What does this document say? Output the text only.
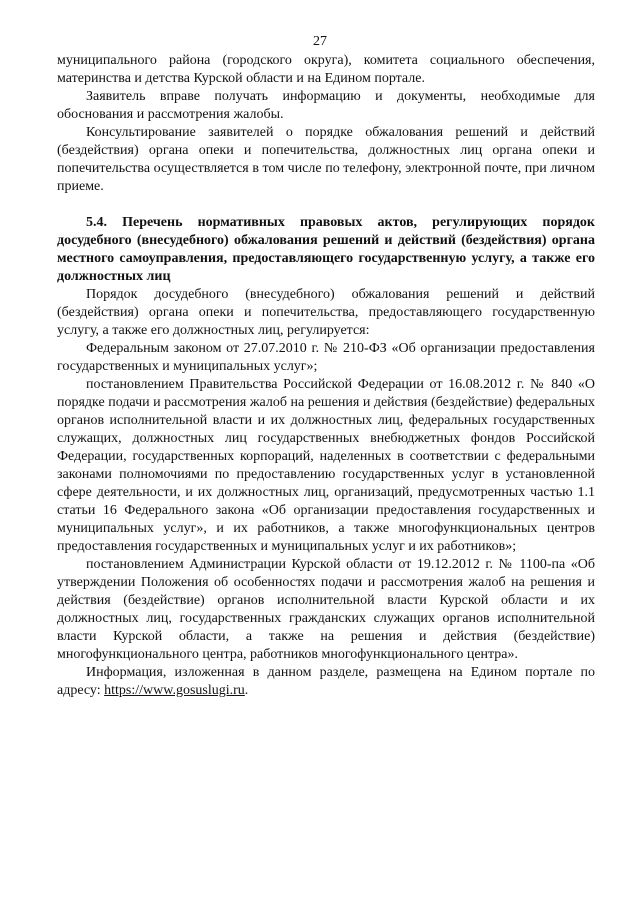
27

муниципального района (городского округа), комитета социального обеспечения, материнства и детства Курской области и на Едином портале.

Заявитель вправе получать информацию и документы, необходимые для обоснования и рассмотрения жалобы.

Консультирование заявителей о порядке обжалования решений и действий (бездействия) органа опеки и попечительства, должностных лиц органа опеки и попечительства осуществляется в том числе по телефону, электронной почте, при личном приеме.

5.4. Перечень нормативных правовых актов, регулирующих порядок досудебного (внесудебного) обжалования решений и действий (бездействия) органа местного самоуправления, предоставляющего государственную услугу, а также его должностных лиц

Порядок досудебного (внесудебного) обжалования решений и действий (бездействия) органа опеки и попечительства, предоставляющего государственную услугу, а также его должностных лиц, регулируется:

Федеральным законом от 27.07.2010 г. № 210-ФЗ «Об организации предоставления государственных и муниципальных услуг»;

постановлением Правительства Российской Федерации от 16.08.2012 г. № 840 «О порядке подачи и рассмотрения жалоб на решения и действия (бездействие) федеральных органов исполнительной власти и их должностных лиц, федеральных государственных служащих, должностных лиц государственных внебюджетных фондов Российской Федерации, государственных корпораций, наделенных в соответствии с федеральными законами полномочиями по предоставлению государственных услуг в установленной сфере деятельности, и их должностных лиц, организаций, предусмотренных частью 1.1 статьи 16 Федерального закона «Об организации предоставления государственных и муниципальных услуг», и их работников, а также многофункциональных центров предоставления государственных и муниципальных услуг и их работников»;

постановлением Администрации Курской области от 19.12.2012 г. № 1100-па «Об утверждении Положения об особенностях подачи и рассмотрения жалоб на решения и действия (бездействие) органов исполнительной власти Курской области и их должностных лиц, государственных гражданских служащих органов исполнительной власти Курской области, а также на решения и действия (бездействие) многофункционального центра, работников многофункционального центра».

Информация, изложенная в данном разделе, размещена на Едином портале по адресу: https://www.gosuslugi.ru.
